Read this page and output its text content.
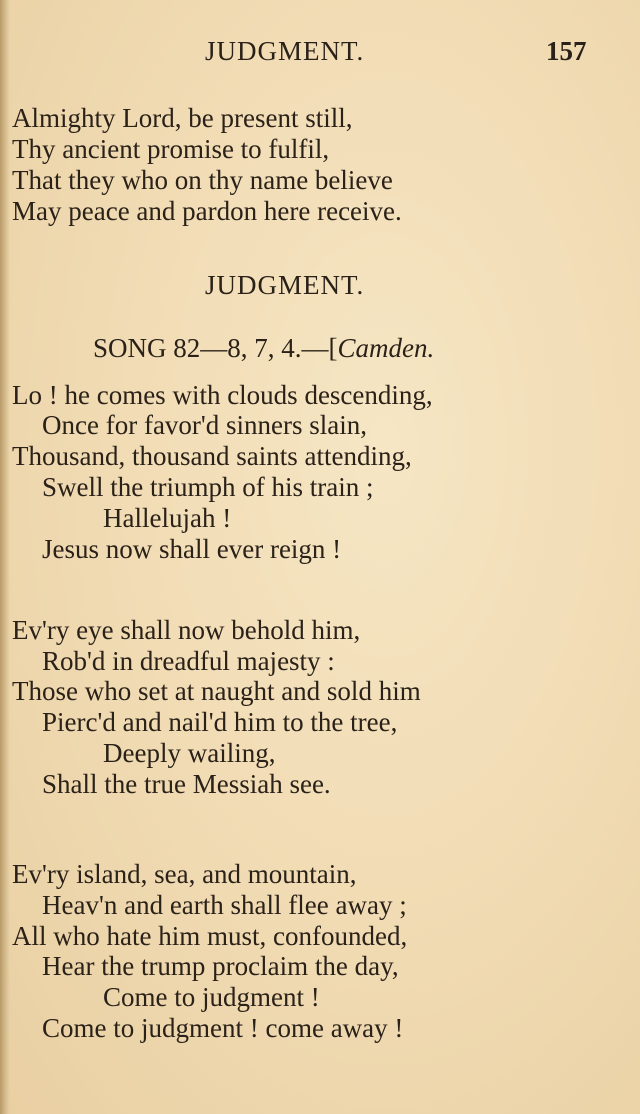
JUDGMENT.	157
Almighty Lord, be present still,
Thy ancient promise to fulfil,
That they who on thy name believe
May peace and pardon here receive.
JUDGMENT.
SONG 82—8, 7, 4.—[Camden.
Lo ! he comes with clouds descending,
Once for favor'd sinners slain,
Thousand, thousand saints attending,
Swell the triumph of his train ;
Hallelujah !
Jesus now shall ever reign !
Ev'ry eye shall now behold him,
Rob'd in dreadful majesty :
Those who set at naught and sold him
Pierc'd and nail'd him to the tree,
Deeply wailing,
Shall the true Messiah see.
Ev'ry island, sea, and mountain,
Heav'n and earth shall flee away ;
All who hate him must, confounded,
Hear the trump proclaim the day,
Come to judgment !
Come to judgment ! come away !
